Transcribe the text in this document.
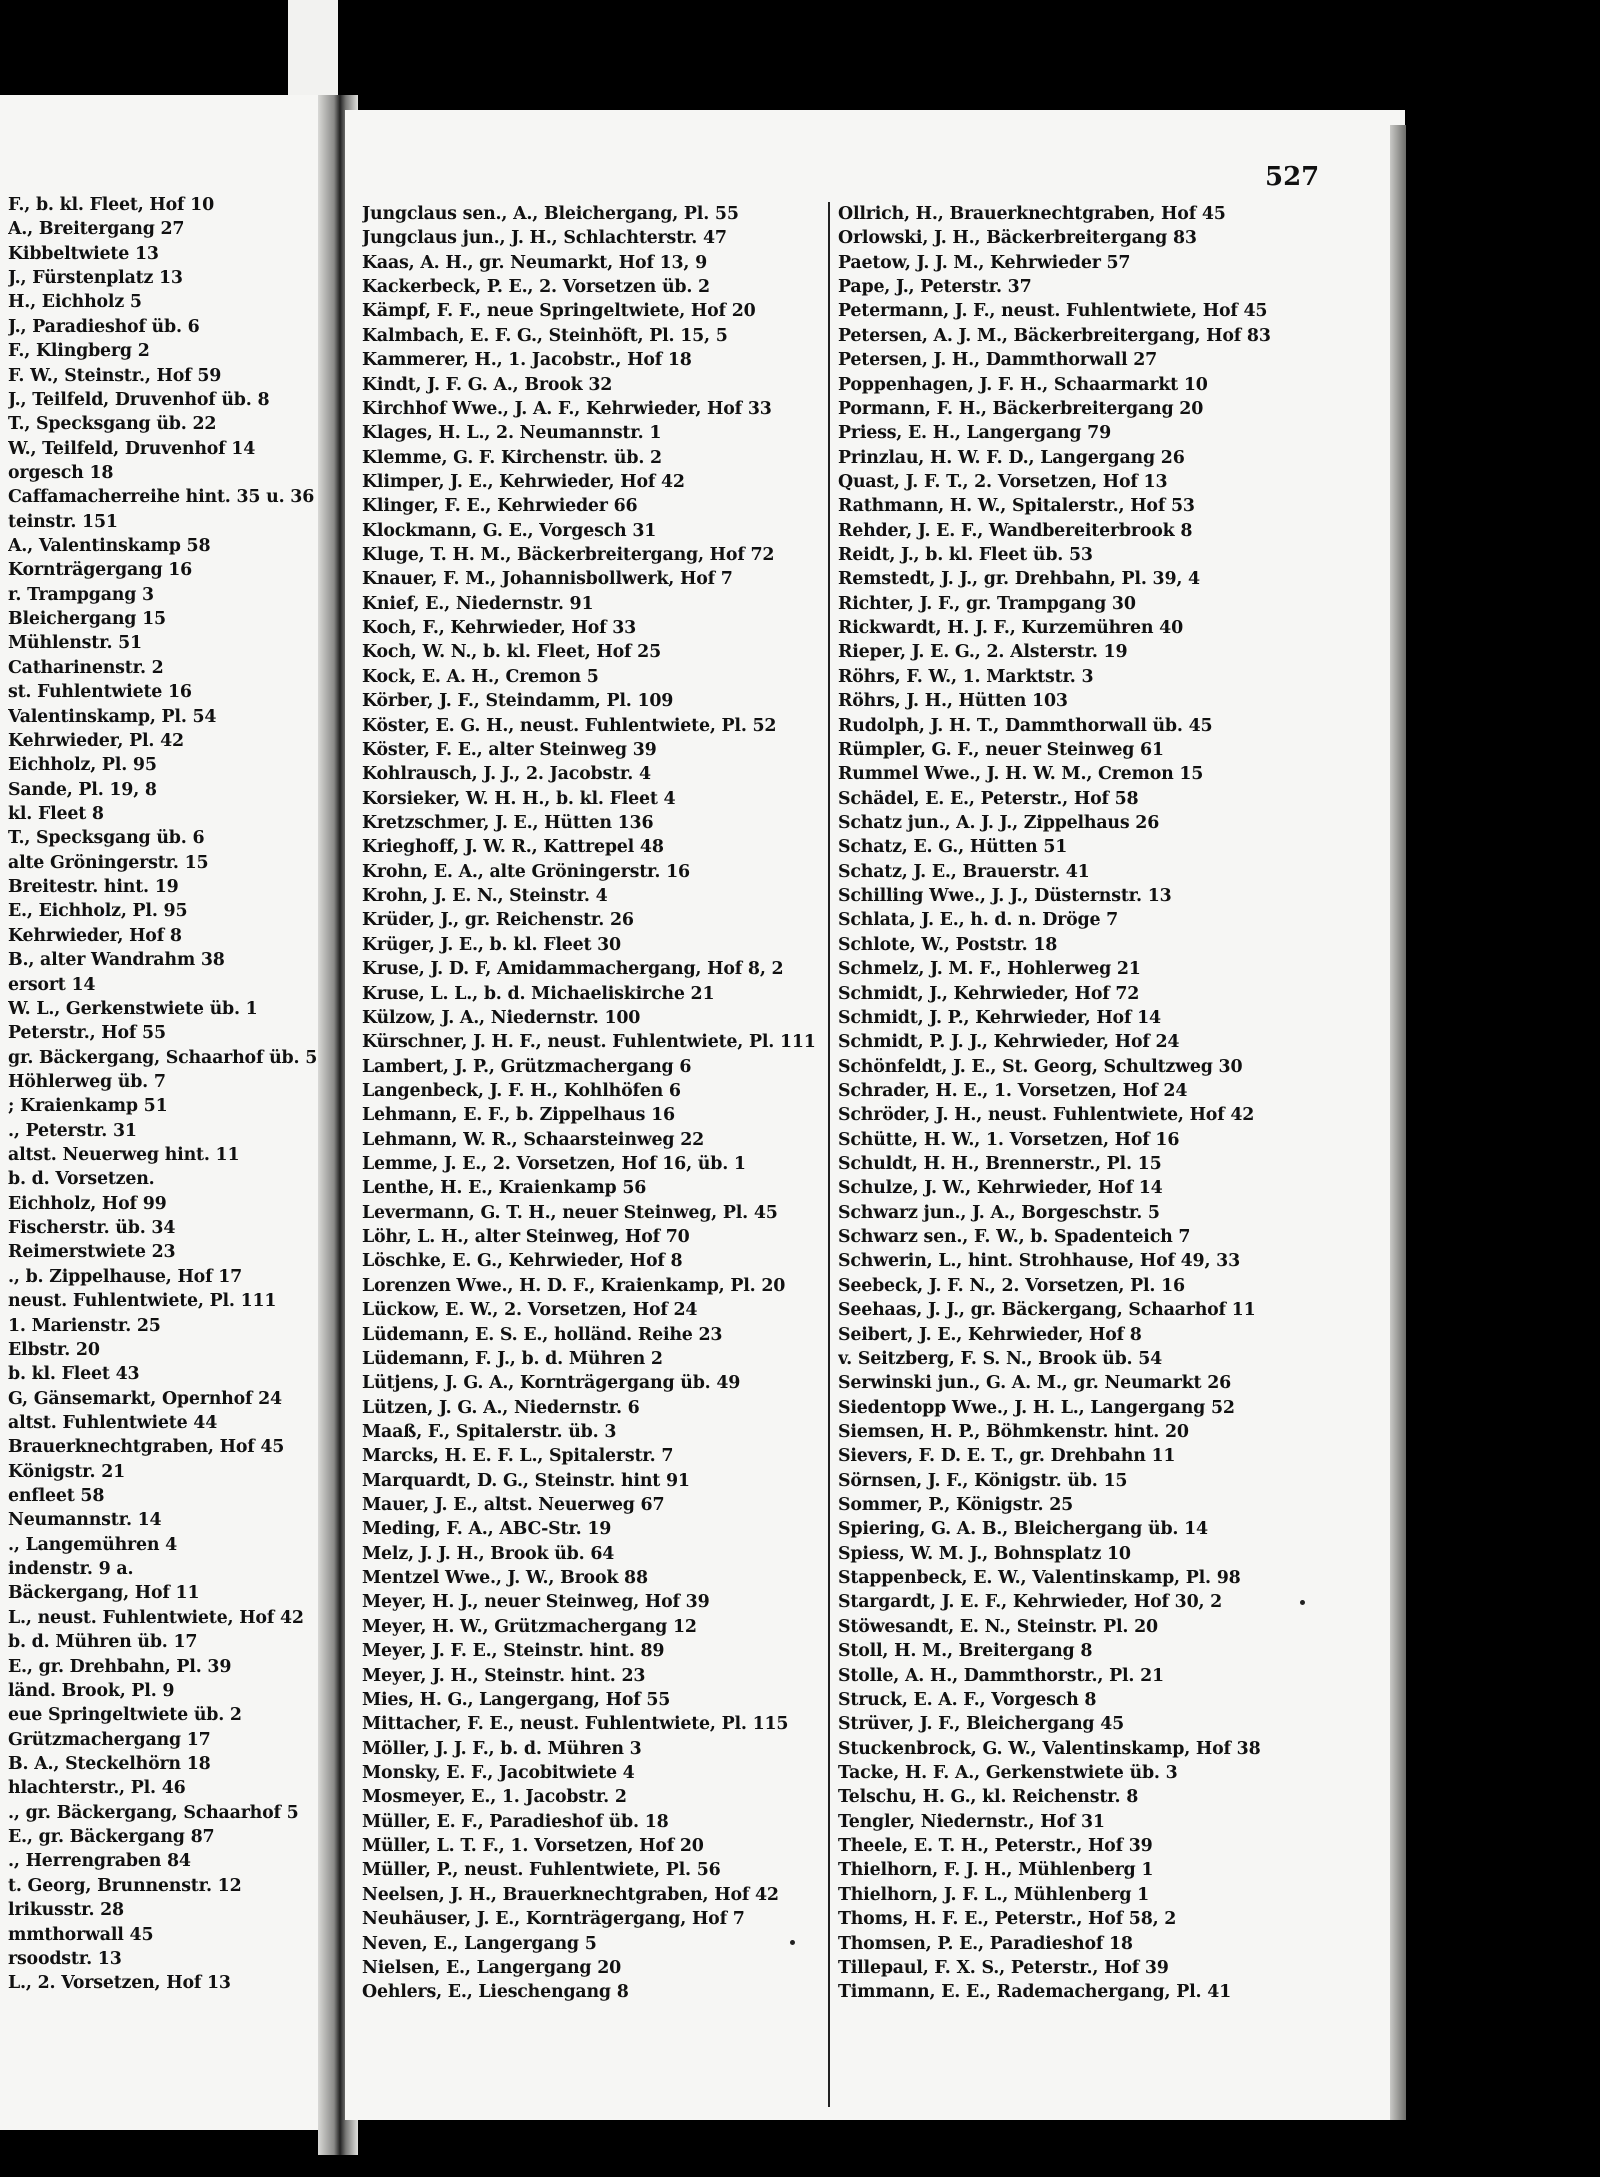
F., b. kl. Fleet, Hof 10
A., Breitergang 27
Kibbeltwiete 13
J., Fürstenplatz 13
H., Eichholz 5
J., Paradieshof üb. 6
F., Klingberg 2
F. W., Steinstr., Hof 59
J., Teilfeld, Druvenhof üb. 8
T., Specksgang üb. 22
W., Teilfeld, Druvenhof 14
orgesch 18
Caffamacherreihe hint. 35 u. 36
teinstr. 151
A., Valentinskamp 58
Kornträgergang 16
r. Trampgang 3
Bleichergang 15
Mühlenstr. 51
Catharinenstr. 2
st. Fuhlentwiete 16
Valentinskamp, Pl. 54
Kehrwieder, Pl. 42
Eichholz, Pl. 95
Sande, Pl. 19, 8
kl. Fleet 8
T., Specksgang üb. 6
alte Gröningerstr. 15
Breitestr. hint. 19
E., Eichholz, Pl. 95
Kehrwieder, Hof 8
B., alter Wandrahm 38
ersort 14
W. L., Gerkenstwiete üb. 1
Peterstr., Hof 55
gr. Bäckergang, Schaarhof üb. 5
Höhlerweg üb. 7
; Kraienkamp 51
., Peterstr. 31
altst. Neuerweg hint. 11
b. d. Vorsetzen.
Eichholz, Hof 99
Fischerstr. üb. 34
Reimerstwiete 23
., b. Zippelhause, Hof 17
neust. Fuhlentwiete, Pl. 111
1. Marienstr. 25
Elbstr. 20
b. kl. Fleet 43
G, Gänsemarkt, Opernhof 24
altst. Fuhlentwiete 44
Brauerknechtgraben, Hof 45
Königstr. 21
enfleet 58
Neumannstr. 14
., Langemühren 4
indenstr. 9 a.
Bäckergang, Hof 11
L., neust. Fuhlentwiete, Hof 42
b. d. Mühren üb. 17
E., gr. Drehbahn, Pl. 39
länd. Brook, Pl. 9
eue Springeltwiete üb. 2
Grützmachergang 17
B. A., Steckelhörn 18
hlachterstr., Pl. 46
., gr. Bäckergang, Schaarhof 5
E., gr. Bäckergang 87
., Herrengraben 84
t. Georg, Brunnenstr. 12
lrikusstr. 28
mmthorwall 45
rsoodstr. 13
L., 2. Vorsetzen, Hof 13
527
Jungclaus sen., A., Bleichergang, Pl. 55
Jungclaus jun., J. H., Schlachterstr. 47
Kaas, A. H., gr. Neumarkt, Hof 13, 9
Kackerbeck, P. E., 2. Vorsetzen üb. 2
Kämpf, F. F., neue Springeltwiete, Hof 20
Kalmbach, E. F. G., Steinhöft, Pl. 15, 5
Kammerer, H., 1. Jacobstr., Hof 18
Kindt, J. F. G. A., Brook 32
Kirchhof Wwe., J. A. F., Kehrwieder, Hof 33
Klages, H. L., 2. Neumannstr. 1
Klemme, G. F. Kirchenstr. üb. 2
Klimper, J. E., Kehrwieder, Hof 42
Klinger, F. E., Kehrwieder 66
Klockmann, G. E., Vorgesch 31
Kluge, T. H. M., Bäckerbreitergang, Hof 72
Knauer, F. M., Johannisbollwerk, Hof 7
Knief, E., Niedernstr. 91
Koch, F., Kehrwieder, Hof 33
Koch, W. N., b. kl. Fleet, Hof 25
Kock, E. A. H., Cremon 5
Körber, J. F., Steindamm, Pl. 109
Köster, E. G. H., neust. Fuhlentwiete, Pl. 52
Köster, F. E., alter Steinweg 39
Kohlrausch, J. J., 2. Jacobstr. 4
Korsieker, W. H. H., b. kl. Fleet 4
Kretzschmer, J. E., Hütten 136
Krieghoff, J. W. R., Kattrepel 48
Krohn, E. A., alte Gröningerstr. 16
Krohn, J. E. N., Steinstr. 4
Krüder, J., gr. Reichenstr. 26
Krüger, J. E., b. kl. Fleet 30
Kruse, J. D. F, Amidammachergang, Hof 8, 2
Kruse, L. L., b. d. Michaeliskirche 21
Külzow, J. A., Niedernstr. 100
Kürschner, J. H. F., neust. Fuhlentwiete, Pl. 111
Lambert, J. P., Grützmachergang 6
Langenbeck, J. F. H., Kohlhöfen 6
Lehmann, E. F., b. Zippelhaus 16
Lehmann, W. R., Schaarsteinweg 22
Lemme, J. E., 2. Vorsetzen, Hof 16, üb. 1
Lenthe, H. E., Kraienkamp 56
Levermann, G. T. H., neuer Steinweg, Pl. 45
Löhr, L. H., alter Steinweg, Hof 70
Löschke, E. G., Kehrwieder, Hof 8
Lorenzen Wwe., H. D. F., Kraienkamp, Pl. 20
Lückow, E. W., 2. Vorsetzen, Hof 24
Lüdemann, E. S. E., holländ. Reihe 23
Lüdemann, F. J., b. d. Mühren 2
Lütjens, J. G. A., Kornträgergang üb. 49
Lützen, J. G. A., Niedernstr. 6
Maaß, F., Spitalerstr. üb. 3
Marcks, H. E. F. L., Spitalerstr. 7
Marquardt, D. G., Steinstr. hint 91
Mauer, J. E., altst. Neuerweg 67
Meding, F. A., ABC-Str. 19
Melz, J. J. H., Brook üb. 64
Mentzel Wwe., J. W., Brook 88
Meyer, H. J., neuer Steinweg, Hof 39
Meyer, H. W., Grützmachergang 12
Meyer, J. F. E., Steinstr. hint. 89
Meyer, J. H., Steinstr. hint. 23
Mies, H. G., Langergang, Hof 55
Mittacher, F. E., neust. Fuhlentwiete, Pl. 115
Möller, J. J. F., b. d. Mühren 3
Monsky, E. F., Jacobitwiete 4
Mosmeyer, E., 1. Jacobstr. 2
Müller, E. F., Paradieshof üb. 18
Müller, L. T. F., 1. Vorsetzen, Hof 20
Müller, P., neust. Fuhlentwiete, Pl. 56
Neelsen, J. H., Brauerknechtgraben, Hof 42
Neuhäuser, J. E., Kornträgergang, Hof 7
Neven, E., Langergang 5
Nielsen, E., Langergang 20
Oehlers, E., Lieschengang 8
Ollrich, H., Brauerknechtgraben, Hof 45
Orlowski, J. H., Bäckerbreitergang 83
Paetow, J. J. M., Kehrwieder 57
Pape, J., Peterstr. 37
Petermann, J. F., neust. Fuhlentwiete, Hof 45
Petersen, A. J. M., Bäckerbreitergang, Hof 83
Petersen, J. H., Dammthorwall 27
Poppenhagen, J. F. H., Schaarmarkt 10
Pormann, F. H., Bäckerbreitergang 20
Priess, E. H., Langergang 79
Prinzlau, H. W. F. D., Langergang 26
Quast, J. F. T., 2. Vorsetzen, Hof 13
Rathmann, H. W., Spitalerstr., Hof 53
Rehder, J. E. F., Wandbereiterbrook 8
Reidt, J., b. kl. Fleet üb. 53
Remstedt, J. J., gr. Drehbahn, Pl. 39, 4
Richter, J. F., gr. Trampgang 30
Rickwardt, H. J. F., Kurzemühren 40
Rieper, J. E. G., 2. Alsterstr. 19
Röhrs, F. W., 1. Marktstr. 3
Röhrs, J. H., Hütten 103
Rudolph, J. H. T., Dammthorwall üb. 45
Rümpler, G. F., neuer Steinweg 61
Rummel Wwe., J. H. W. M., Cremon 15
Schädel, E. E., Peterstr., Hof 58
Schatz jun., A. J. J., Zippelhaus 26
Schatz, E. G., Hütten 51
Schatz, J. E., Brauerstr. 41
Schilling Wwe., J. J., Düsternstr. 13
Schlata, J. E., h. d. n. Dröge 7
Schlote, W., Poststr. 18
Schmelz, J. M. F., Hohlerweg 21
Schmidt, J., Kehrwieder, Hof 72
Schmidt, J. P., Kehrwieder, Hof 14
Schmidt, P. J. J., Kehrwieder, Hof 24
Schönfeldt, J. E., St. Georg, Schultzweg 30
Schrader, H. E., 1. Vorsetzen, Hof 24
Schröder, J. H., neust. Fuhlentwiete, Hof 42
Schütte, H. W., 1. Vorsetzen, Hof 16
Schuldt, H. H., Brennerstr., Pl. 15
Schulze, J. W., Kehrwieder, Hof 14
Schwarz jun., J. A., Borgeschstr. 5
Schwarz sen., F. W., b. Spadenteich 7
Schwerin, L., hint. Strohhause, Hof 49, 33
Seebeck, J. F. N., 2. Vorsetzen, Pl. 16
Seehaas, J. J., gr. Bäckergang, Schaarhof 11
Seibert, J. E., Kehrwieder, Hof 8
v. Seitzberg, F. S. N., Brook üb. 54
Serwinski jun., G. A. M., gr. Neumarkt 26
Siedentopp Wwe., J. H. L., Langergang 52
Siemsen, H. P., Böhmkenstr. hint. 20
Sievers, F. D. E. T., gr. Drehbahn 11
Sörnsen, J. F., Königstr. üb. 15
Sommer, P., Königstr. 25
Spiering, G. A. B., Bleichergang üb. 14
Spiess, W. M. J., Bohnsplatz 10
Stappenbeck, E. W., Valentinskamp, Pl. 98
Stargardt, J. E. F., Kehrwieder, Hof 30, 2
Stöwesandt, E. N., Steinstr. Pl. 20
Stoll, H. M., Breitergang 8
Stolle, A. H., Dammthorstr., Pl. 21
Struck, E. A. F., Vorgesch 8
Strüver, J. F., Bleichergang 45
Stuckenbrock, G. W., Valentinskamp, Hof 38
Tacke, H. F. A., Gerkenstwiete üb. 3
Telschu, H. G., kl. Reichenstr. 8
Tengler, Niedernstr., Hof 31
Theele, E. T. H., Peterstr., Hof 39
Thielhorn, F. J. H., Mühlenberg 1
Thielhorn, J. F. L., Mühlenberg 1
Thoms, H. F. E., Peterstr., Hof 58, 2
Thomsen, P. E., Paradieshof 18
Tillepaul, F. X. S., Peterstr., Hof 39
Timmann, E. E., Rademachergang, Pl. 41
